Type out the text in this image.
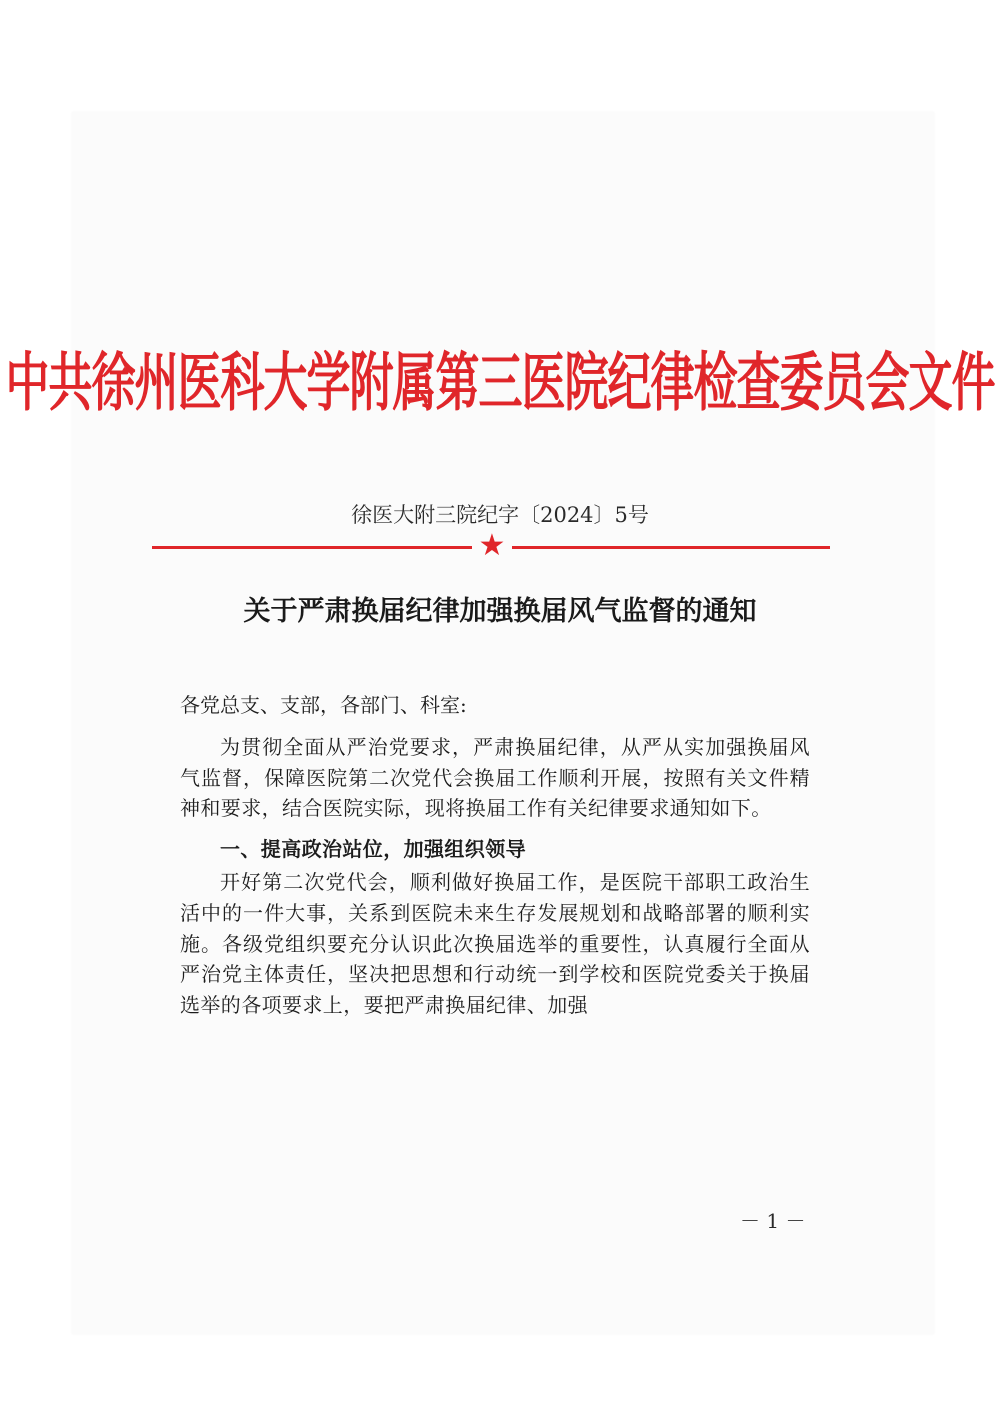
中共徐州医科大学附属第三医院纪律检查委员会文件
徐医大附三院纪字〔2024〕5号
★
关于严肃换届纪律加强换届风气监督的通知
各党总支、支部，各部门、科室:

为贯彻全面从严治党要求，严肃换届纪律，从严从实加强换届风气监督，保障医院第二次党代会换届工作顺利开展，按照有关文件精神和要求，结合医院实际，现将换届工作有关纪律要求通知如下。

一、提高政治站位，加强组织领导

开好第二次党代会，顺利做好换届工作，是医院干部职工政治生活中的一件大事，关系到医院未来生存发展规划和战略部署的顺利实施。各级党组织要充分认识此次换届选举的重要性，认真履行全面从严治党主体责任，坚决把思想和行动统一到学校和医院党委关于换届选举的各项要求上，要把严肃换届纪律、加强

－ 1 －
